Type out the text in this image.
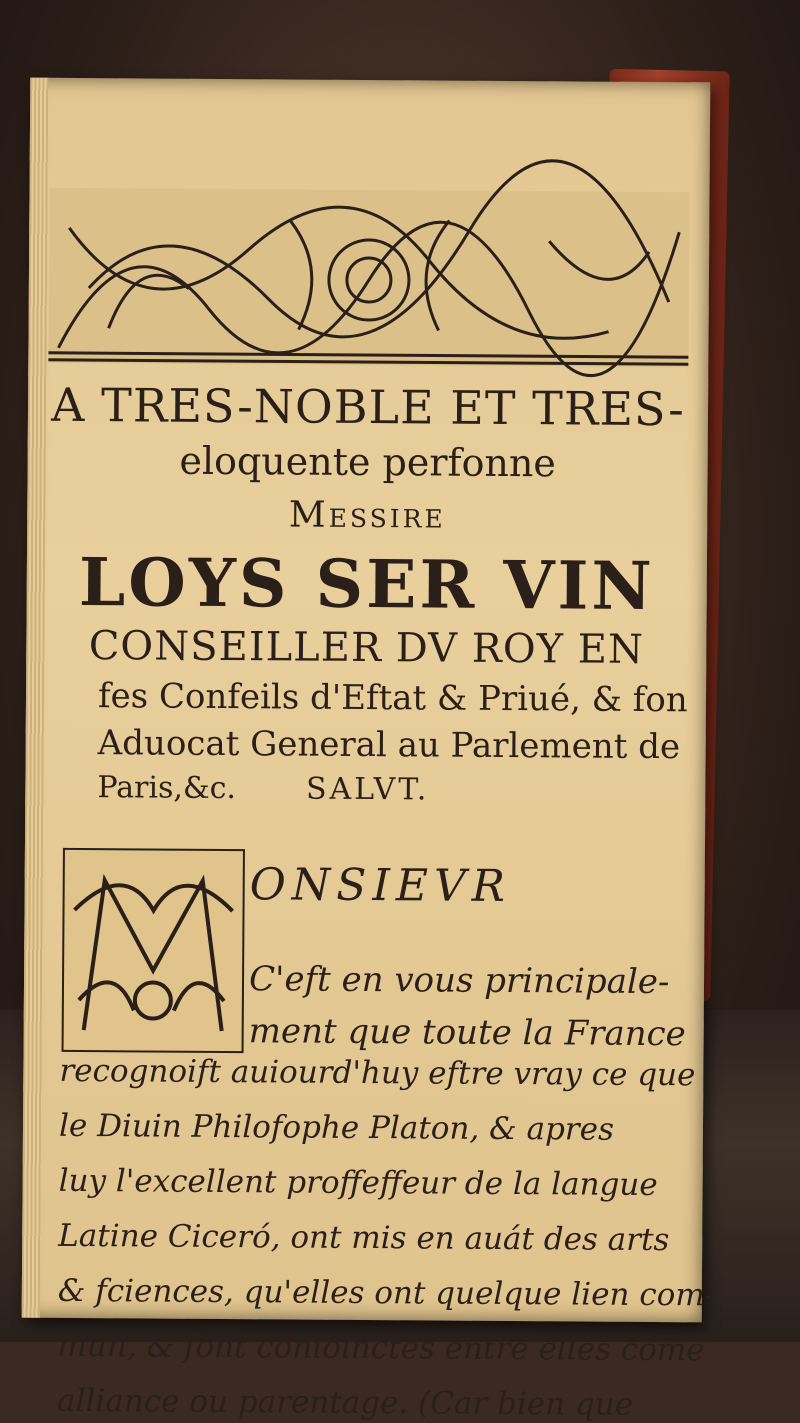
A TRES-NOBLE ET TRES-

eloquente perfonne

Messire

LOYS SER VIN

CONSEILLER DV ROY EN

fes Confeils d'Eftat & Priué, & fon

Aduocat General au Parlement de

Paris,&c. SALVT.

ONSIEVR
C'eft en vous principale-
ment que toute la France
recognoift auiourd'huy eftre vray ce que
le Diuin Philofophe Platon, & apres
luy l'excellent proffeffeur de la langue
Latine Ciceró, ont mis en auát des arts
& fciences, qu'elles ont quelque lien com-
mun, & font conioinctes entre elles côme
alliance ou parentage. (Car bien que
